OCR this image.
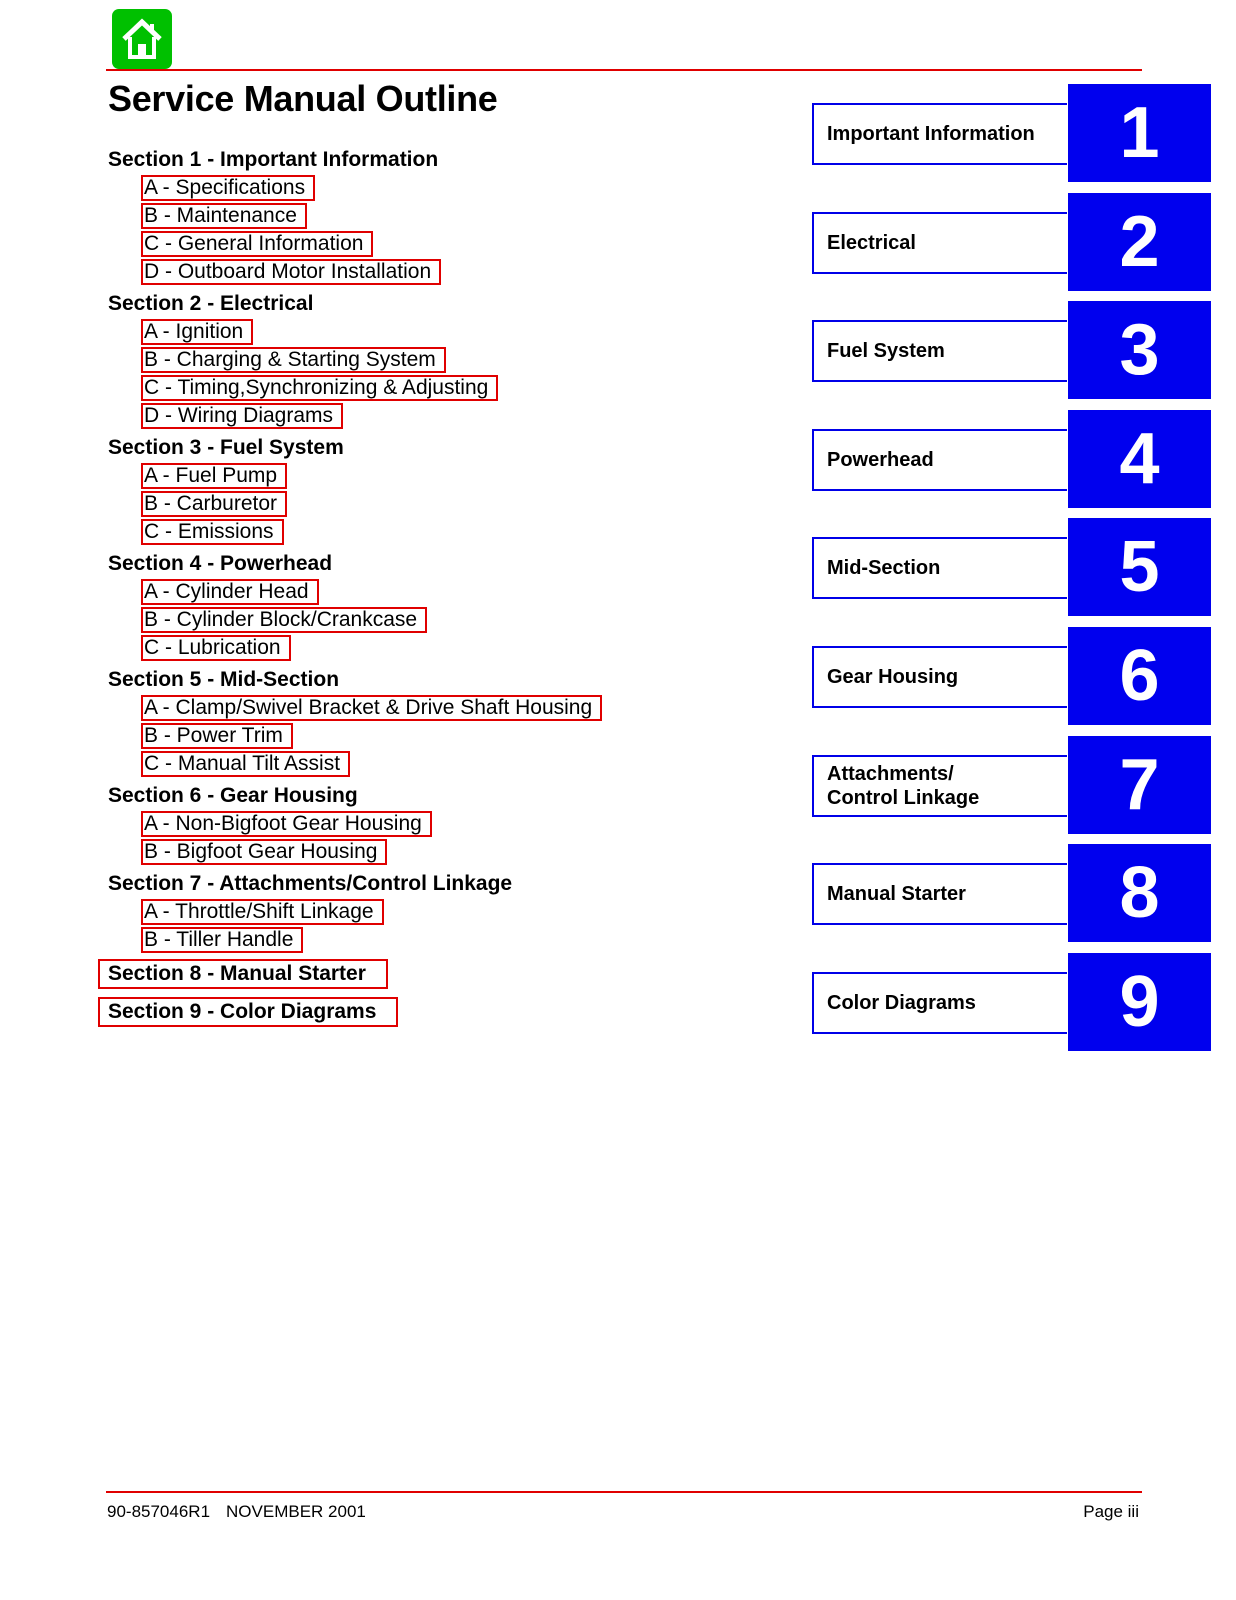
Service Manual Outline
Section 1 - Important Information
A - Specifications
B - Maintenance
C - General Information
D - Outboard Motor Installation
Section 2 - Electrical
A - Ignition
B - Charging & Starting System
C - Timing,Synchronizing & Adjusting
D - Wiring Diagrams
Section 3 - Fuel System
A - Fuel Pump
B - Carburetor
C - Emissions
Section 4 - Powerhead
A - Cylinder Head
B - Cylinder Block/Crankcase
C - Lubrication
Section 5 - Mid-Section
A - Clamp/Swivel Bracket & Drive Shaft Housing
B - Power Trim
C - Manual Tilt Assist
Section 6 - Gear Housing
A - Non-Bigfoot Gear Housing
B - Bigfoot Gear Housing
Section 7 - Attachments/Control Linkage
A - Throttle/Shift Linkage
B - Tiller Handle
Section 8 - Manual Starter
Section 9 - Color Diagrams
Important Information	1
Electrical	2
Fuel System	3
Powerhead	4
Mid-Section	5
Gear Housing	6
Attachments/
Control Linkage	7
Manual Starter	8
Color Diagrams	9
90-857046R1 NOVEMBER 2001	Page iii
